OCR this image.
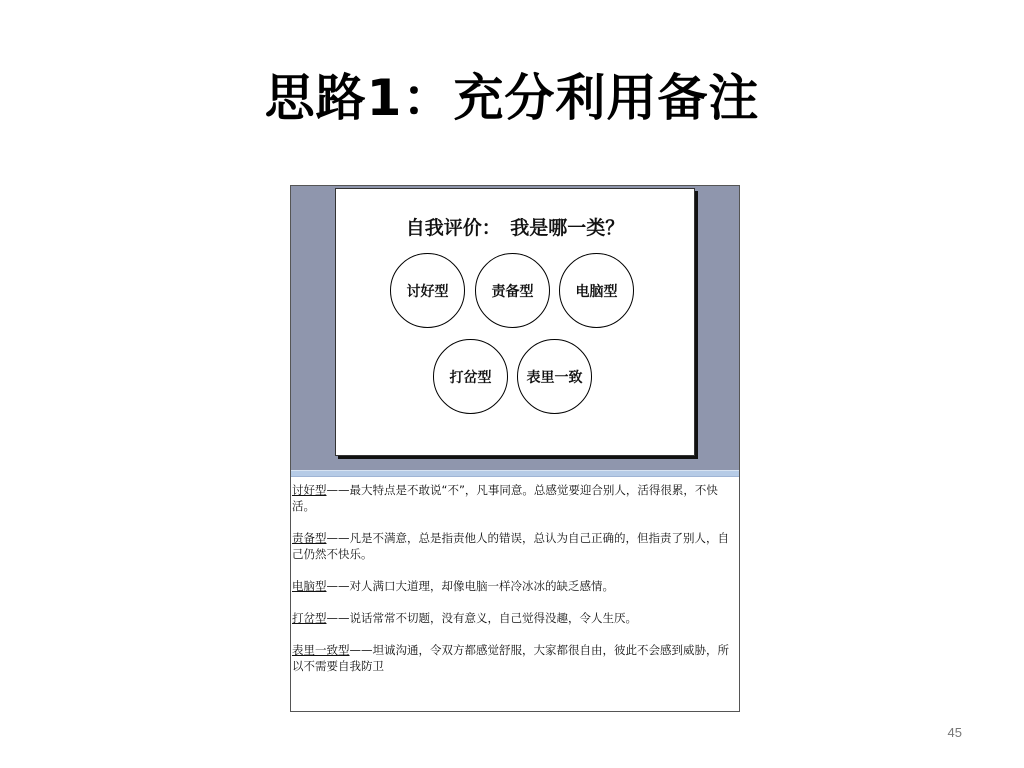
思路1：充分利用备注
自我评价：　我是哪一类？
讨好型	责备型	电脑型
打岔型	表里一致

讨好型——最大特点是不敢说“不”，凡事同意。总感觉要迎合别人，活得很累，不快活。

责备型——凡是不满意，总是指责他人的错误，总认为自己正确的，但指责了别人，自己仍然不快乐。

电脑型——对人满口大道理，却像电脑一样冷冰冰的缺乏感情。

打岔型——说话常常不切题，没有意义，自己觉得没趣，令人生厌。

表里一致型——坦诚沟通，令双方都感觉舒服，大家都很自由，彼此不会感到威胁，所以不需要自我防卫

45
